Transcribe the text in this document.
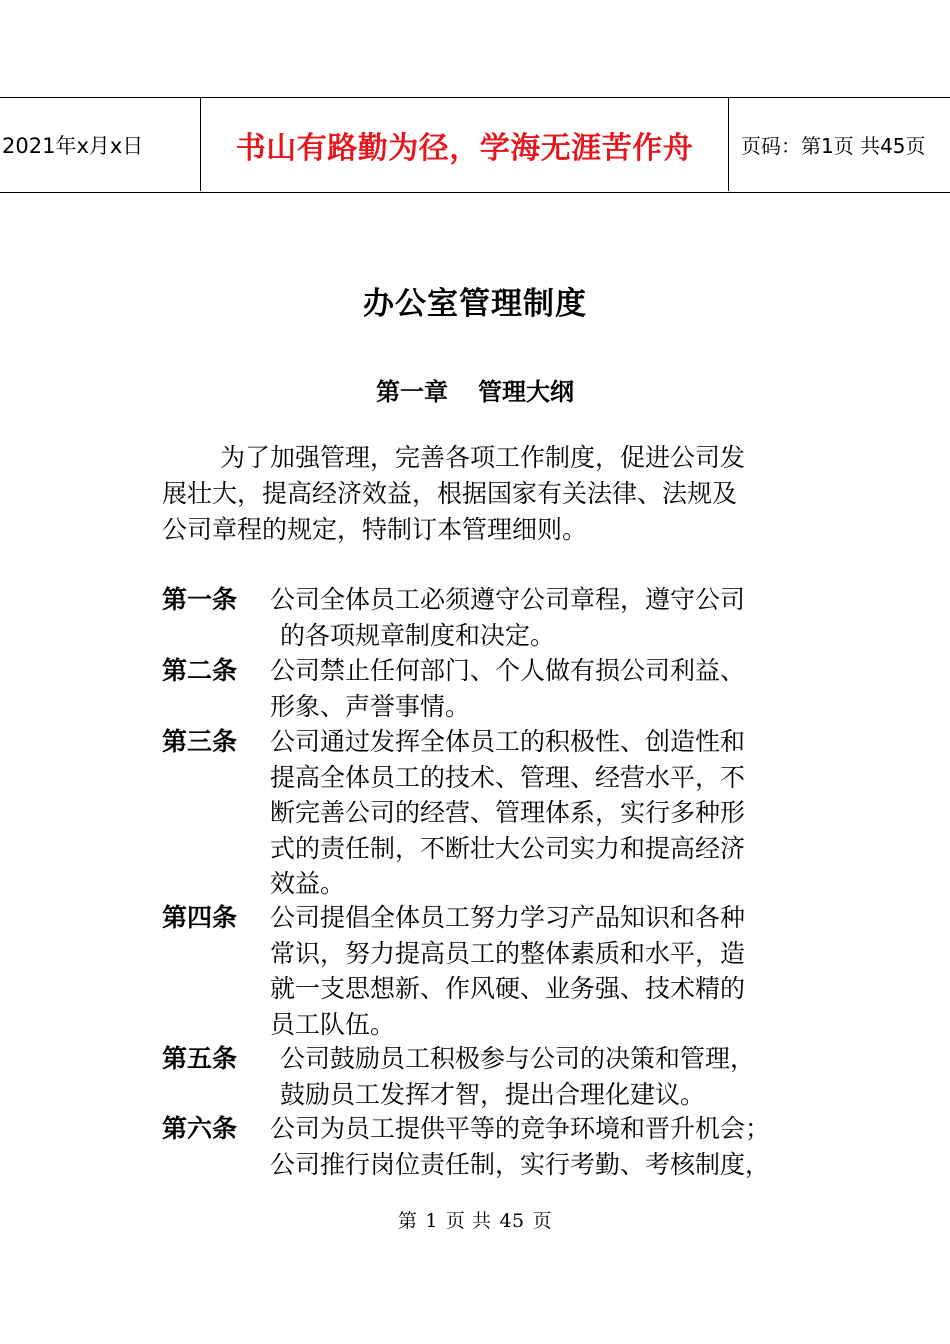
2021年x月x日	书山有路勤为径，学海无涯苦作舟	页码：第1页 共45页
办公室管理制度
第一章 管理大纲
为了加强管理，完善各项工作制度，促进公司发
展壮大，提高经济效益，根据国家有关法律、法规及
公司章程的规定，特制订本管理细则。
第一条 公司全体员工必须遵守公司章程，遵守公司
的各项规章制度和决定。
第二条 公司禁止任何部门、个人做有损公司利益、
形象、声誉事情。
第三条 公司通过发挥全体员工的积极性、创造性和
提高全体员工的技术、管理、经营水平，不
断完善公司的经营、管理体系，实行多种形
式的责任制，不断壮大公司实力和提高经济
效益。
第四条 公司提倡全体员工努力学习产品知识和各种
常识，努力提高员工的整体素质和水平，造
就一支思想新、作风硬、业务强、技术精的
员工队伍。
第五条	公司鼓励员工积极参与公司的决策和管理，
鼓励员工发挥才智，提出合理化建议。
第六条 公司为员工提供平等的竞争环境和晋升机会；
公司推行岗位责任制，实行考勤、考核制度，
第 1 页 共 45 页
